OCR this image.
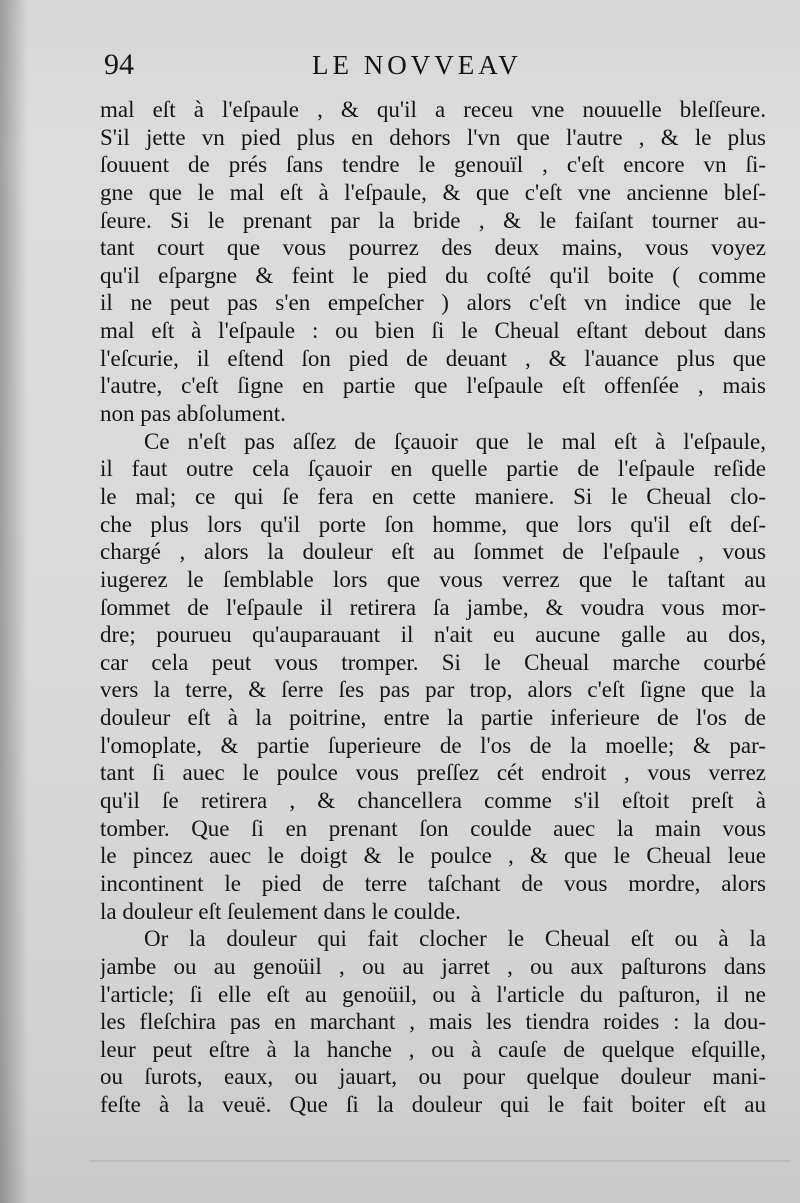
94	LE NOVVEAV
mal eſt à l'eſpaule , & qu'il a receu vne nouuelle bleſſeure.
S'il jette vn pied plus en dehors l'vn que l'autre , & le plus
ſouuent de prés ſans tendre le genouïl , c'eſt encore vn ſi-
gne que le mal eſt à l'eſpaule, & que c'eſt vne ancienne bleſ-
ſeure. Si le prenant par la bride , & le faiſant tourner au-
tant court que vous pourrez des deux mains, vous voyez
qu'il eſpargne & feint le pied du coſté qu'il boite ( comme
il ne peut pas s'en empeſcher ) alors c'eſt vn indice que le
mal eſt à l'eſpaule : ou bien ſi le Cheual eſtant debout dans
l'eſcurie, il eſtend ſon pied de deuant , & l'auance plus que
l'autre, c'eſt ſigne en partie que l'eſpaule eſt offenſée , mais
non pas abſolument.
Ce n'eſt pas aſſez de ſçauoir que le mal eſt à l'eſpaule,
il faut outre cela ſçauoir en quelle partie de l'eſpaule reſide
le mal; ce qui ſe fera en cette maniere. Si le Cheual clo-
che plus lors qu'il porte ſon homme, que lors qu'il eſt deſ-
chargé , alors la douleur eſt au ſommet de l'eſpaule , vous
iugerez le ſemblable lors que vous verrez que le taſtant au
ſommet de l'eſpaule il retirera ſa jambe, & voudra vous mor-
dre; pourueu qu'auparauant il n'ait eu aucune galle au dos,
car cela peut vous tromper. Si le Cheual marche courbé
vers la terre, & ſerre ſes pas par trop, alors c'eſt ſigne que la
douleur eſt à la poitrine, entre la partie inferieure de l'os de
l'omoplate, & partie ſuperieure de l'os de la moelle; & par-
tant ſi auec le poulce vous preſſez cét endroit , vous verrez
qu'il ſe retirera , & chancellera comme s'il eſtoit preſt à
tomber. Que ſi en prenant ſon coulde auec la main vous
le pincez auec le doigt & le poulce , & que le Cheual leue
incontinent le pied de terre taſchant de vous mordre, alors
la douleur eſt ſeulement dans le coulde.
Or la douleur qui fait clocher le Cheual eſt ou à la
jambe ou au genoüil , ou au jarret , ou aux paſturons dans
l'article; ſi elle eſt au genoüil, ou à l'article du paſturon, il ne
les fleſchira pas en marchant , mais les tiendra roides : la dou-
leur peut eſtre à la hanche , ou à cauſe de quelque eſquille,
ou ſurots, eaux, ou jauart, ou pour quelque douleur mani-
feſte à la veuë. Que ſi la douleur qui le fait boiter eſt au
